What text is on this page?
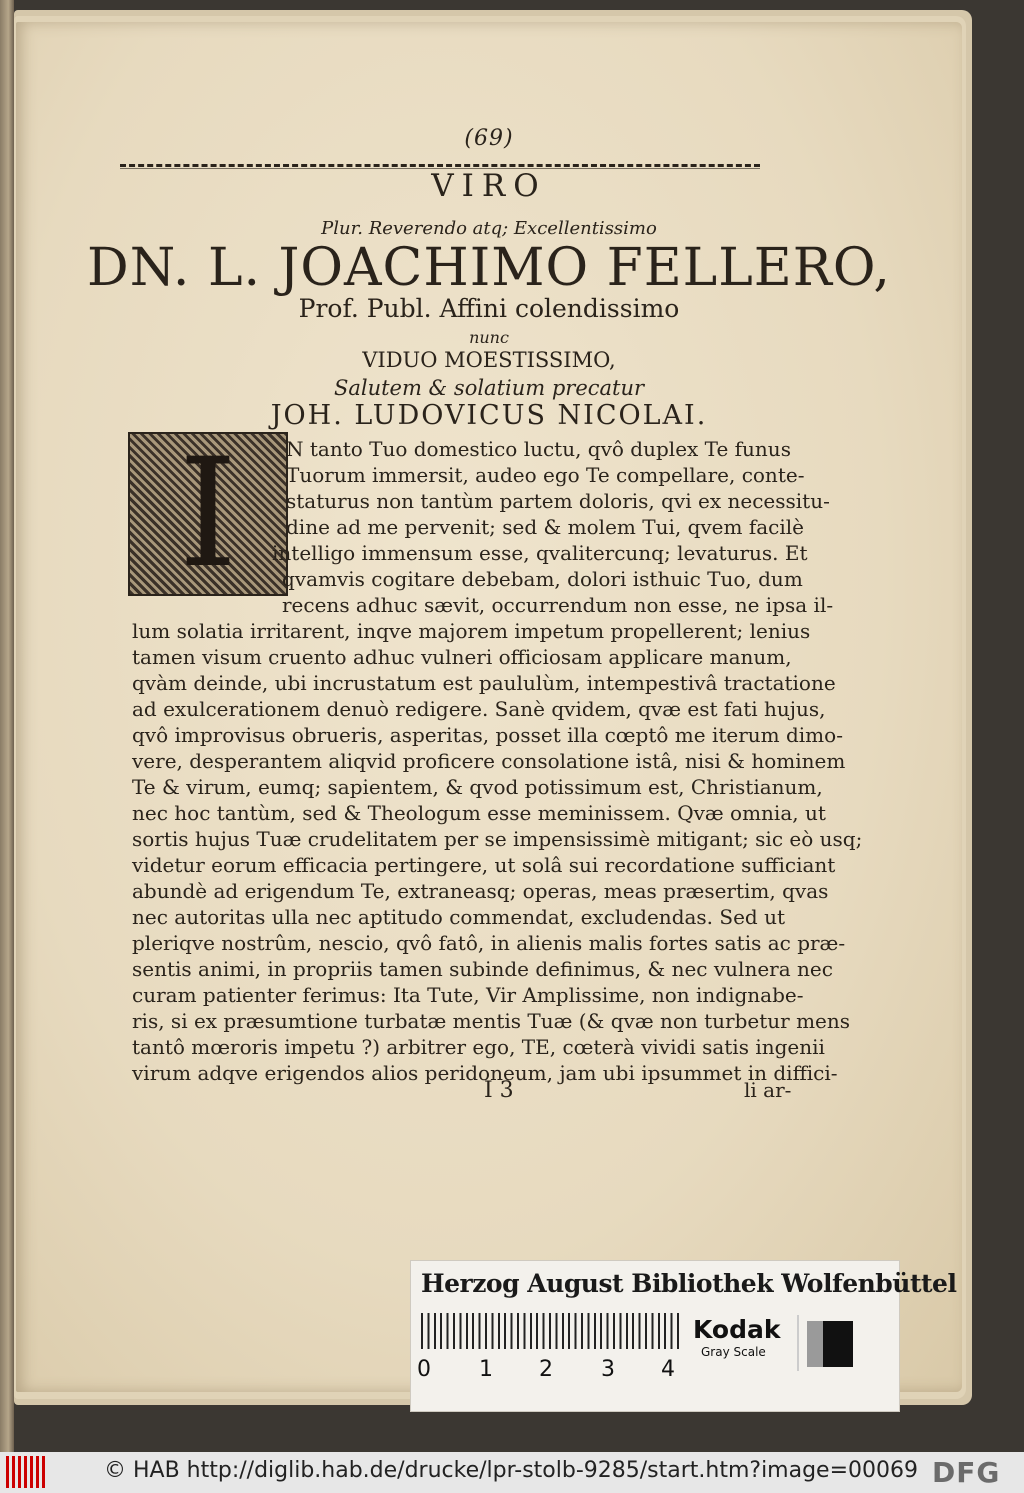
(69)
VIRO
Plur. Reverendo atq; Excellentissimo
DN. L. JOACHIMO FELLERO,
Prof. Publ. Affini colendissimo
nunc
VIDUO MOESTISSIMO,
Salutem & solatium precatur
JOH. LUDOVICUS NICOLAI.
I	N tanto Tuo domestico luctu, qvô duplex Te funus
Tuorum immersit, audeo ego Te compellare, conte-
staturus non tantùm partem doloris, qvi ex necessitu-
dine ad me pervenit; sed & molem Tui, qvem facilè
intelligo immensum esse, qvalitercunq; levaturus. Et
qvamvis cogitare debebam, dolori isthuic Tuo, dum
recens adhuc sævit, occurrendum non esse, ne ipsa il-
lum solatia irritarent, inqve majorem impetum propellerent; lenius
tamen visum cruento adhuc vulneri officiosam applicare manum,
qvàm deinde, ubi incrustatum est paululùm, intempestivâ tractatione
ad exulcerationem denuò redigere. Sanè qvidem, qvæ est fati hujus,
qvô improvisus obrueris, asperitas, posset illa cœptô me iterum dimo-
vere, desperantem aliqvid proficere consolatione istâ, nisi & hominem
Te & virum, eumq; sapientem, & qvod potissimum est, Christianum,
nec hoc tantùm, sed & Theologum esse meminissem. Qvæ omnia, ut
sortis hujus Tuæ crudelitatem per se impensissimè mitigant; sic eò usq;
videtur eorum efficacia pertingere, ut solâ sui recordatione sufficiant
abundè ad erigendum Te, extraneasq; operas, meas præsertim, qvas
nec autoritas ulla nec aptitudo commendat, excludendas. Sed ut
pleriqve nostrûm, nescio, qvô fatô, in alienis malis fortes satis ac præ-
sentis animi, in propriis tamen subinde definimus, & nec vulnera nec
curam patienter ferimus: Ita Tute, Vir Amplissime, non indignabe-
ris, si ex præsumtione turbatæ mentis Tuæ (& qvæ non turbetur mens
tantô mœroris impetu ?) arbitrer ego, TE, cœterà vividi satis ingenii
virum adqve erigendos alios peridoneum, jam ubi ipsummet in diffici-
I 3	li ar-
Herzog August Bibliothek Wolfenbüttel
0 1 2 3 4
Kodak
Gray Scale
© HAB http://diglib.hab.de/drucke/lpr-stolb-9285/start.htm?image=00069 DFG
